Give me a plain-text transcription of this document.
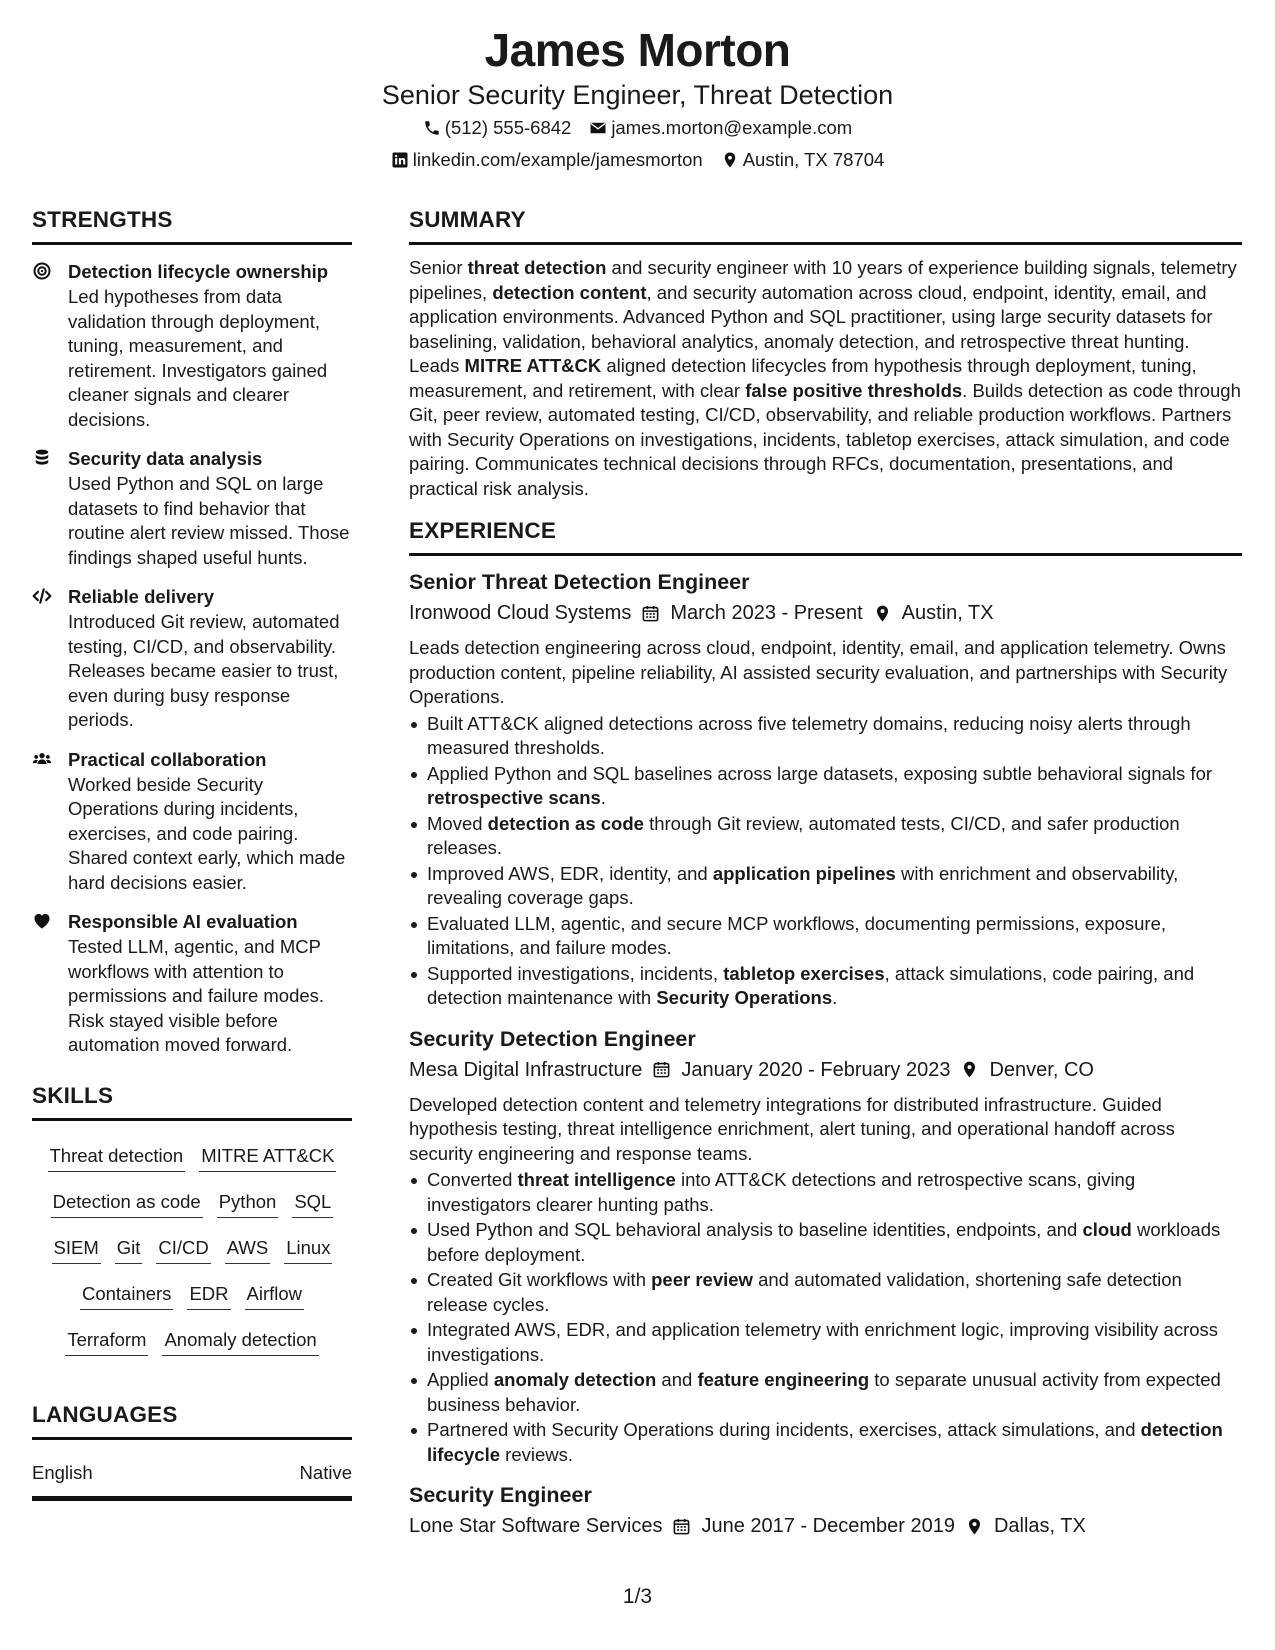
James Morton
Senior Security Engineer, Threat Detection
(512) 555-6842 james.morton@example.com
linkedin.com/example/jamesmorton Austin, TX 78704
STRENGTHS
Detection lifecycle ownership
Led hypotheses from data validation through deployment, tuning, measurement, and retirement. Investigators gained cleaner signals and clearer decisions.
Security data analysis
Used Python and SQL on large datasets to find behavior that routine alert review missed. Those findings shaped useful hunts.
Reliable delivery
Introduced Git review, automated testing, CI/CD, and observability. Releases became easier to trust, even during busy response periods.
Practical collaboration
Worked beside Security Operations during incidents, exercises, and code pairing. Shared context early, which made hard decisions easier.
Responsible AI evaluation
Tested LLM, agentic, and MCP workflows with attention to permissions and failure modes. Risk stayed visible before automation moved forward.
SKILLS
Threat detection MITRE ATT&CK
Detection as code Python SQL
SIEM Git CI/CD AWS Linux
Containers EDR Airflow
Terraform Anomaly detection
LANGUAGES
English	Native
SUMMARY
Senior threat detection and security engineer with 10 years of experience building signals, telemetry pipelines, detection content, and security automation across cloud, endpoint, identity, email, and application environments. Advanced Python and SQL practitioner, using large security datasets for baselining, validation, behavioral analytics, anomaly detection, and retrospective threat hunting. Leads MITRE ATT&CK aligned detection lifecycles from hypothesis through deployment, tuning, measurement, and retirement, with clear false positive thresholds. Builds detection as code through Git, peer review, automated testing, CI/CD, observability, and reliable production workflows. Partners with Security Operations on investigations, incidents, tabletop exercises, attack simulation, and code pairing. Communicates technical decisions through RFCs, documentation, presentations, and practical risk analysis.
EXPERIENCE
Senior Threat Detection Engineer
Ironwood Cloud Systems March 2023 - Present Austin, TX
Leads detection engineering across cloud, endpoint, identity, email, and application telemetry. Owns production content, pipeline reliability, AI assisted security evaluation, and partnerships with Security Operations.
Built ATT&CK aligned detections across five telemetry domains, reducing noisy alerts through measured thresholds.
Applied Python and SQL baselines across large datasets, exposing subtle behavioral signals for retrospective scans.
Moved detection as code through Git review, automated tests, CI/CD, and safer production releases.
Improved AWS, EDR, identity, and application pipelines with enrichment and observability, revealing coverage gaps.
Evaluated LLM, agentic, and secure MCP workflows, documenting permissions, exposure, limitations, and failure modes.
Supported investigations, incidents, tabletop exercises, attack simulations, code pairing, and detection maintenance with Security Operations.
Security Detection Engineer
Mesa Digital Infrastructure January 2020 - February 2023 Denver, CO
Developed detection content and telemetry integrations for distributed infrastructure. Guided hypothesis testing, threat intelligence enrichment, alert tuning, and operational handoff across security engineering and response teams.
Converted threat intelligence into ATT&CK detections and retrospective scans, giving investigators clearer hunting paths.
Used Python and SQL behavioral analysis to baseline identities, endpoints, and cloud workloads before deployment.
Created Git workflows with peer review and automated validation, shortening safe detection release cycles.
Integrated AWS, EDR, and application telemetry with enrichment logic, improving visibility across investigations.
Applied anomaly detection and feature engineering to separate unusual activity from expected business behavior.
Partnered with Security Operations during incidents, exercises, attack simulations, and detection lifecycle reviews.
Security Engineer
Lone Star Software Services June 2017 - December 2019 Dallas, TX
1/3
